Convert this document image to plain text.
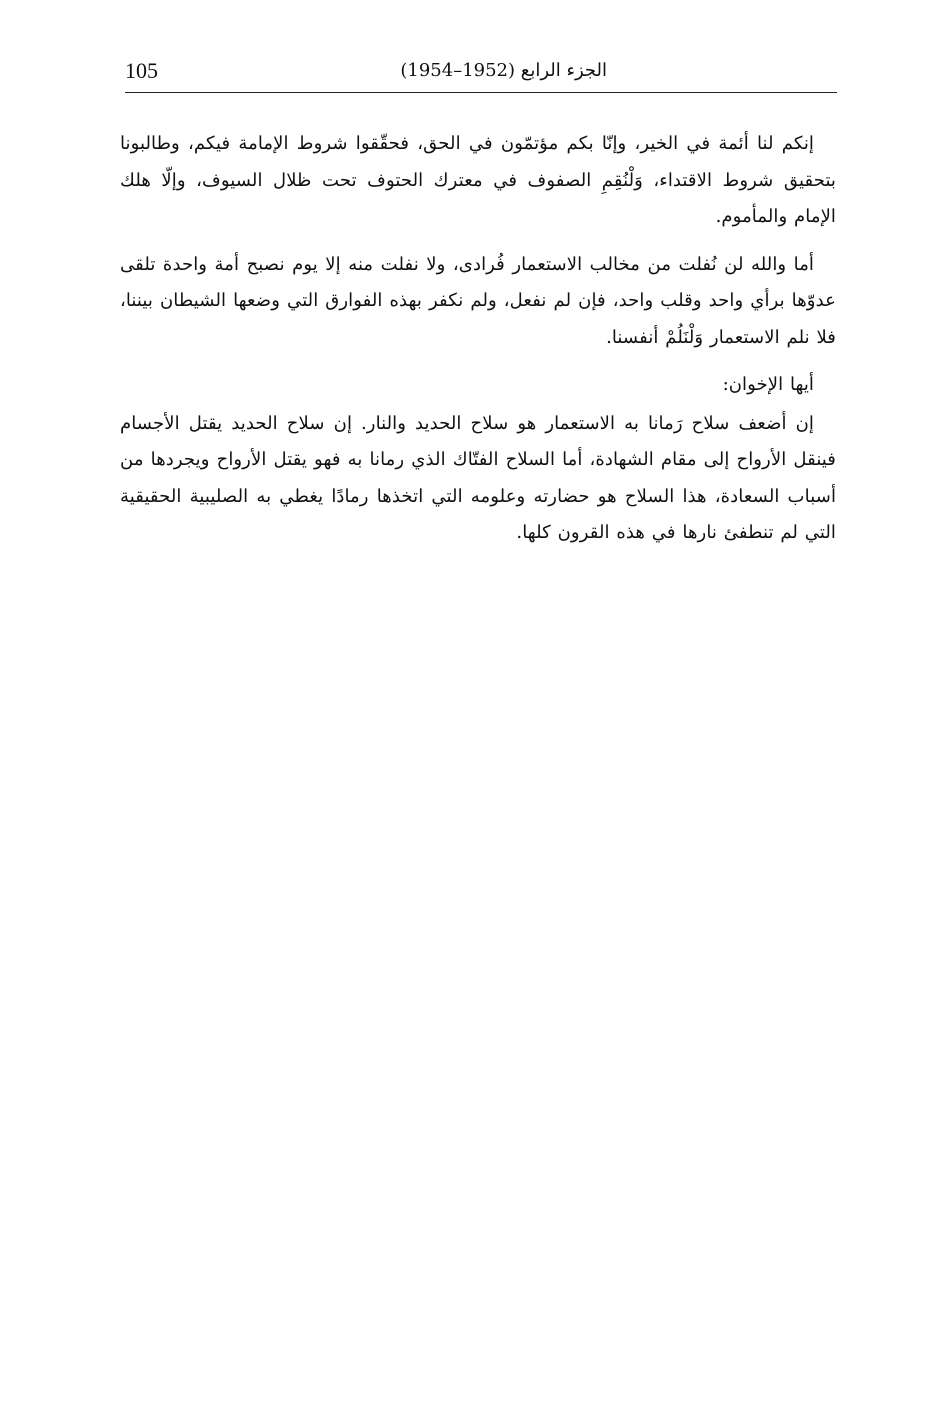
105	الجزء الرابع (1952–1954)

إنكم لنا أئمة في الخير، وإنّا بكم مؤتمّون في الحق، فحقّقوا شروط الإمامة فيكم، وطالبونا بتحقيق شروط الاقتداء، وَلْنُقِمِ الصفوف في معترك الحتوف تحت ظلال السيوف، وإلّا هلك الإمام والمأموم.

أما والله لن نُفلت من مخالب الاستعمار فُرادى، ولا نفلت منه إلا يوم نصبح أمة واحدة تلقى عدوّها برأي واحد وقلب واحد، فإن لم نفعل، ولم نكفر بهذه الفوارق التي وضعها الشيطان بيننا، فلا نلم الاستعمار وَلْنَلُمْ أنفسنا.

أيها الإخوان:

إن أضعف سلاح رَمانا به الاستعمار هو سلاح الحديد والنار. إن سلاح الحديد يقتل الأجسام فينقل الأرواح إلى مقام الشهادة، أما السلاح الفتّاك الذي رمانا به فهو يقتل الأرواح ويجردها من أسباب السعادة، هذا السلاح هو حضارته وعلومه التي اتخذها رمادًا يغطي به الصليبية الحقيقية التي لم تنطفئ نارها في هذه القرون كلها.
